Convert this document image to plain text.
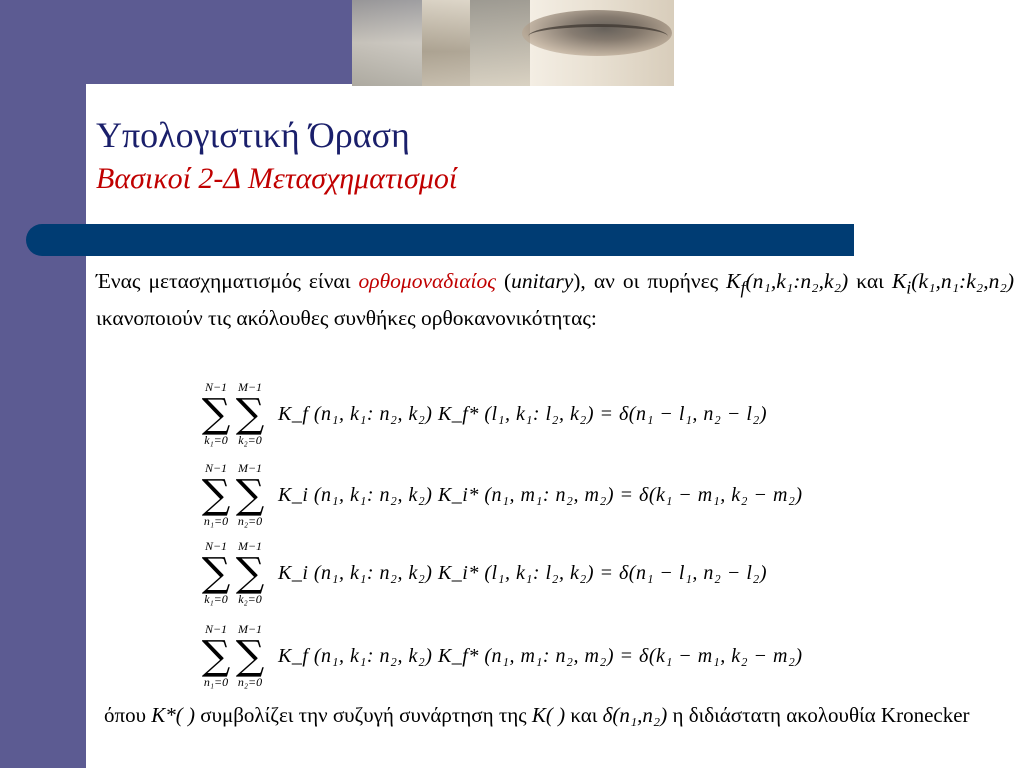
Υπολογιστική Όραση
Βασικοί 2-Δ Μετασχηματισμοί
Ένας μετασχηματισμός είναι ορθομοναδιαίος (unitary), αν οι πυρήνες $K_f(n_1,k_1:n_2,k_2)$ και $K_i(k_1,n_1:k_2,n_2)$ ικανοποιούν τις ακόλουθες συνθήκες ορθοκανονικότητας:
N−1
∑
k₁=0
M−1
∑
k₂=0
K_f (n₁, k₁: n₂, k₂) K_f* (l₁, k₁: l₂, k₂) = δ(n₁ − l₁, n₂ − l₂)
N−1
∑
n₁=0
M−1
∑
n₂=0
K_i (n₁, k₁: n₂, k₂) K_i* (n₁, m₁: n₂, m₂) = δ(k₁ − m₁, k₂ − m₂)
N−1
∑
k₁=0
M−1
∑
k₂=0
K_i (n₁, k₁: n₂, k₂) K_i* (l₁, k₁: l₂, k₂) = δ(n₁ − l₁, n₂ − l₂)
N−1
∑
n₁=0
M−1
∑
n₂=0
K_f (n₁, k₁: n₂, k₂) K_f* (n₁, m₁: n₂, m₂) = δ(k₁ − m₁, k₂ − m₂)
όπου K*( ) συμβολίζει την συζυγή συνάρτηση της K( ) και δ(n₁,n₂) η διδιάστατη ακολουθία Kronecker
